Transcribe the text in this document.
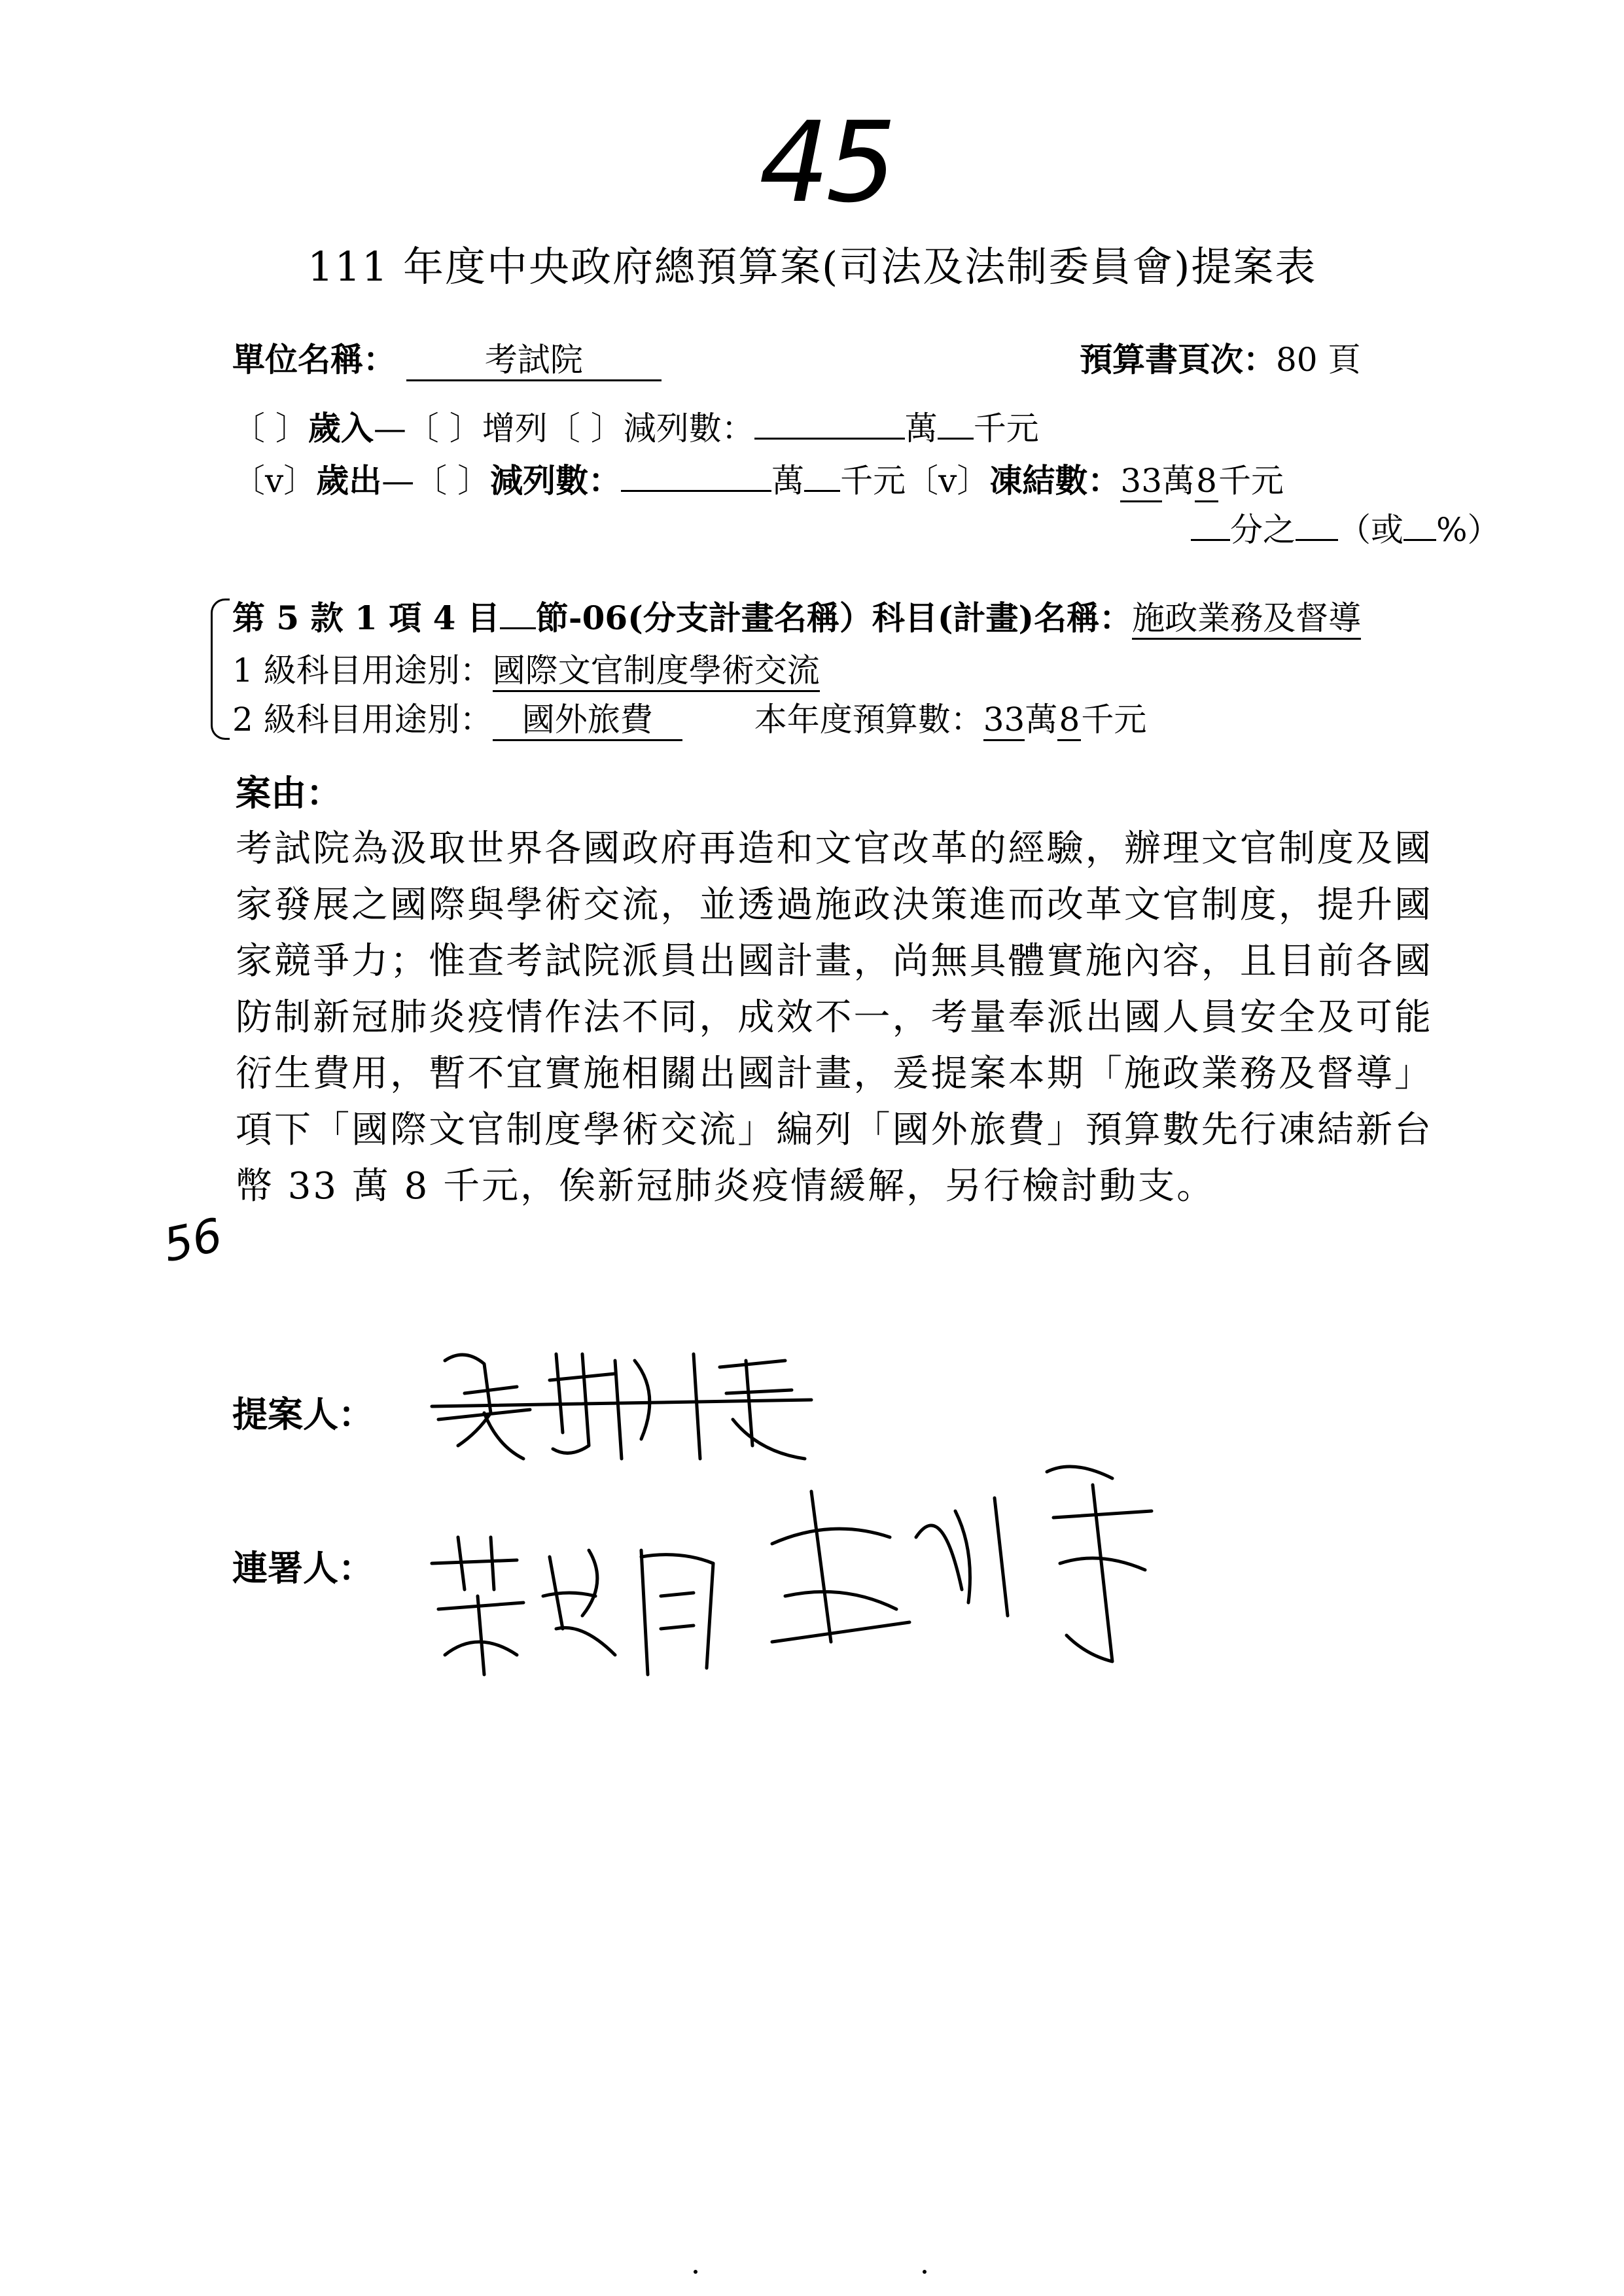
45
111 年度中央政府總預算案(司法及法制委員會)提案表
單位名稱：	考試院	預算書頁次：80 頁
〔 〕歲入—〔 〕增列〔 〕減列數：	萬 千元
〔v〕歲出—〔 〕減列數：	萬 千元〔v〕凍結數：33萬8千元
分之 （或 %）
第 5 款 1 項 4 目 節-06(分支計畫名稱）科目(計畫)名稱：施政業務及督導
1 級科目用途別：國際文官制度學術交流
2 級科目用途別： 國外旅費	本年度預算數：33萬8千元
案由：
考試院為汲取世界各國政府再造和文官改革的經驗，辦理文官制度及國家發展之國際與學術交流，並透過施政決策進而改革文官制度，提升國家競爭力；惟查考試院派員出國計畫，尚無具體實施內容，且目前各國防制新冠肺炎疫情作法不同，成效不一，考量奉派出國人員安全及可能衍生費用，暫不宜實施相關出國計畫，爰提案本期「施政業務及督導」項下「國際文官制度學術交流」編列「國外旅費」預算數先行凍結新台幣 33 萬 8 千元，俟新冠肺炎疫情緩解，另行檢討動支。
56
提案人：
連署人：
